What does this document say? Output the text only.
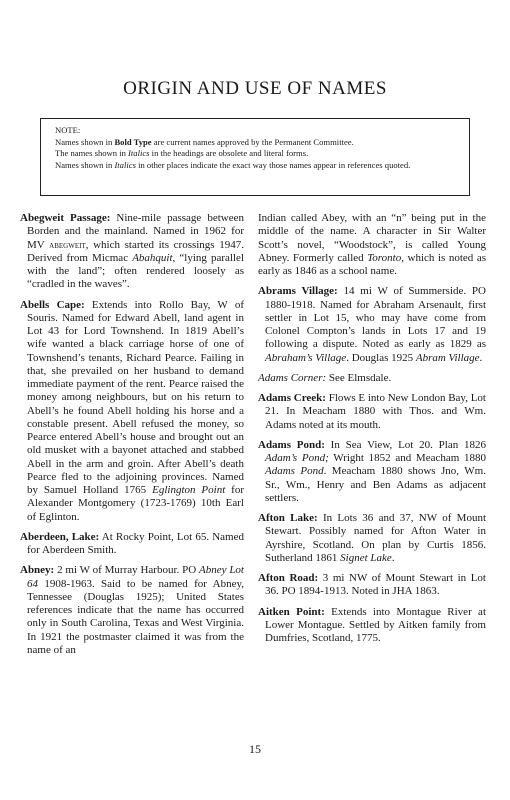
ORIGIN AND USE OF NAMES

NOTE:

Names shown in Bold Type are current names approved by the Permanent Committee.

The names shown in Italics in the headings are obsolete and literal forms.

Names shown in Italics in other places indicate the exact way those names appear in references quoted.

Abegweit Passage: Nine-mile passage between Borden and the mainland. Named in 1962 for MV abegweit, which started its crossings 1947. Derived from Micmac Abahquit, “lying parallel with the land”; often rendered loosely as “cradled in the waves”.

Abells Cape: Extends into Rollo Bay, W of Souris. Named for Edward Abell, land agent in Lot 43 for Lord Townshend. In 1819 Abell’s wife wanted a black carriage horse of one of Townshend’s tenants, Richard Pearce. Failing in that, she prevailed on her husband to demand immediate payment of the rent. Pearce raised the money among neighbours, but on his return to Abell’s he found Abell holding his horse and a constable present. Abell refused the money, so Pearce entered Abell’s house and brought out an old musket with a bayonet attached and stabbed Abell in the arm and groin. After Abell’s death Pearce fled to the adjoining provinces. Named by Samuel Holland 1765 Eglington Point for Alexander Montgomery (1723-1769) 10th Earl of Eglinton.

Aberdeen, Lake: At Rocky Point, Lot 65. Named for Aberdeen Smith.

Abney: 2 mi W of Murray Harbour. PO Abney Lot 64 1908-1963. Said to be named for Abney, Tennessee (Douglas 1925); United States references indicate that the name has occurred only in South Carolina, Texas and West Virginia. In 1921 the postmaster claimed it was from the name of an

Indian called Abey, with an “n” being put in the middle of the name. A character in Sir Walter Scott’s novel, “Woodstock”, is called Young Abney. Formerly called Toronto, which is noted as early as 1846 as a school name.

Abrams Village: 14 mi W of Summerside. PO 1880-1918. Named for Abraham Arsenault, first settler in Lot 15, who may have come from Colonel Compton’s lands in Lots 17 and 19 following a dispute. Noted as early as 1829 as Abraham’s Village. Douglas 1925 Abram Village.

Adams Corner: See Elmsdale.

Adams Creek: Flows E into New London Bay, Lot 21. In Meacham 1880 with Thos. and Wm. Adams noted at its mouth.

Adams Pond: In Sea View, Lot 20. Plan 1826 Adam’s Pond; Wright 1852 and Meacham 1880 Adams Pond. Meacham 1880 shows Jno, Wm. Sr., Wm., Henry and Ben Adams as adjacent settlers.

Afton Lake: In Lots 36 and 37, NW of Mount Stewart. Possibly named for Afton Water in Ayrshire, Scotland. On plan by Curtis 1856. Sutherland 1861 Signet Lake.

Afton Road: 3 mi NW of Mount Stewart in Lot 36. PO 1894-1913. Noted in JHA 1863.

Aitken Point: Extends into Montague River at Lower Montague. Settled by Aitken family from Dumfries, Scotland, 1775.

15
